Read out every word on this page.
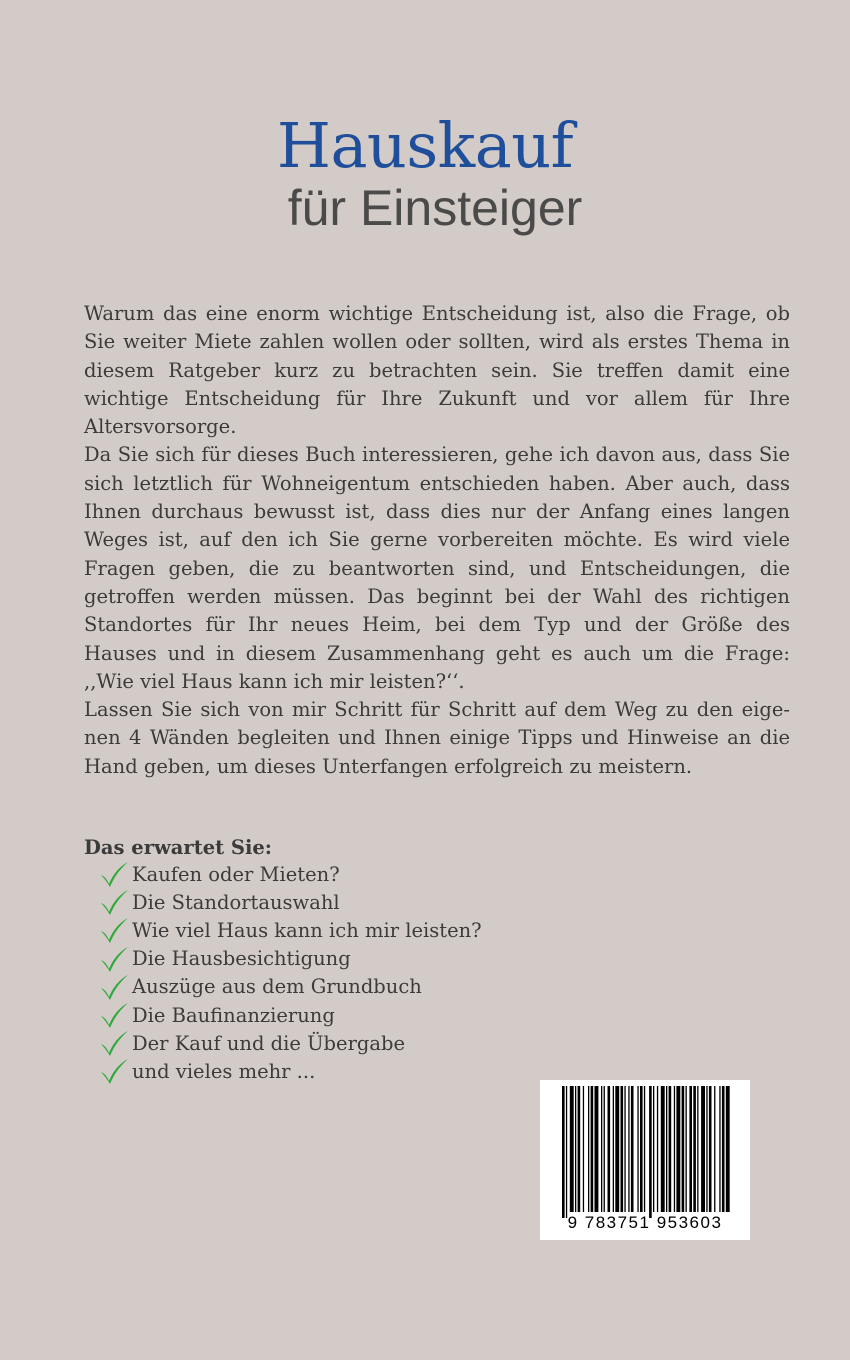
Hauskauf
für Einsteiger

Warum das eine enorm wichtige Entscheidung ist, also die Frage, ob Sie weiter Miete zahlen wollen oder sollten, wird als erstes Thema in diesem Ratgeber kurz zu betrachten sein. Sie treffen damit eine wichtige Entscheidung für Ihre Zukunft und vor allem für Ihre Altersvorsorge.

Da Sie sich für dieses Buch interessieren, gehe ich davon aus, dass Sie sich letztlich für Wohneigentum entschieden haben. Aber auch, dass Ihnen durchaus bewusst ist, dass dies nur der Anfang eines langen Weges ist, auf den ich Sie gerne vorbereiten möchte. Es wird viele Fragen geben, die zu beantworten sind, und Entscheidungen, die getroffen werden müssen. Das beginnt bei der Wahl des richtigen Standortes für Ihr neues Heim, bei dem Typ und der Größe des Hauses und in diesem Zusammenhang geht es auch um die Frage: ,,Wie viel Haus kann ich mir leisten?‘‘.

Lassen Sie sich von mir Schritt für Schritt auf dem Weg zu den eigenen 4 Wänden begleiten und Ihnen einige Tipps und Hinweise an die Hand geben, um dieses Unterfangen erfolgreich zu meistern.

Das erwartet Sie:
Kaufen oder Mieten?
Die Standortauswahl
Wie viel Haus kann ich mir leisten?
Die Hausbesichtigung
Auszüge aus dem Grundbuch
Die Baufinanzierung
Der Kauf und die Übergabe
und vieles mehr ...
9 783751 953603
